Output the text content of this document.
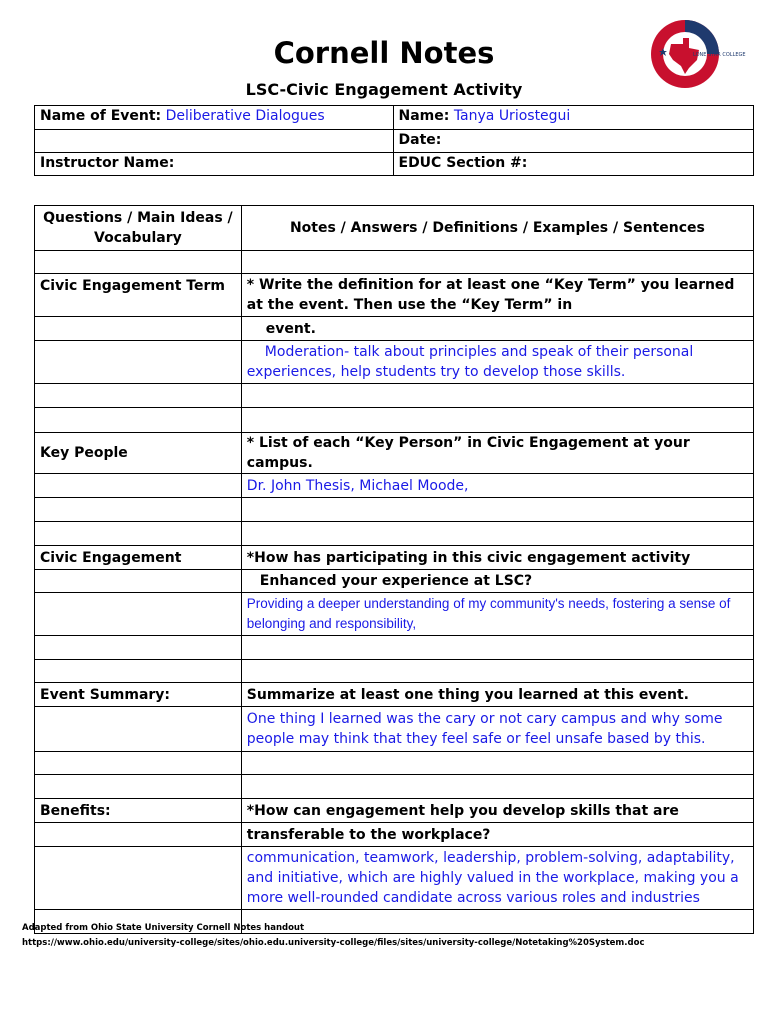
Cornell Notes
LSC-Civic Engagement Activity
LONE STAR COLLEGE
Name of Event: Deliberative Dialogues	Name: Tanya Uriostegui
	Date:
Instructor Name:	EDUC Section #:
Questions / Main Ideas / Vocabulary	Notes / Answers / Definitions / Examples / Sentences

Civic Engagement Term	* Write the definition for at least one “Key Term” you learned at the event. Then use the “Key Term” in
	event.
	Moderation- talk about principles and speak of their personal experiences, help students try to develop those skills.

Key People	* List of each “Key Person” in Civic Engagement at your campus.
	Dr. John Thesis, Michael Moode,

Civic Engagement	*How has participating in this civic engagement activity
	Enhanced your experience at LSC?
	Providing a deeper understanding of my community's needs, fostering a sense of belonging and responsibility,

Event Summary:	Summarize at least one thing you learned at this event.
	One thing I learned was the cary or not cary campus and why some people may think that they feel safe or feel unsafe based by this.

Benefits:	*How can engagement help you develop skills that are
	transferable to the workplace?
	communication, teamwork, leadership, problem-solving, adaptability, and initiative, which are highly valued in the workplace, making you a more well-rounded candidate across various roles and industries

Adapted from Ohio State University Cornell Notes handout
https://www.ohio.edu/university-college/sites/ohio.edu.university-college/files/sites/university-college/Notetaking%20System.doc
